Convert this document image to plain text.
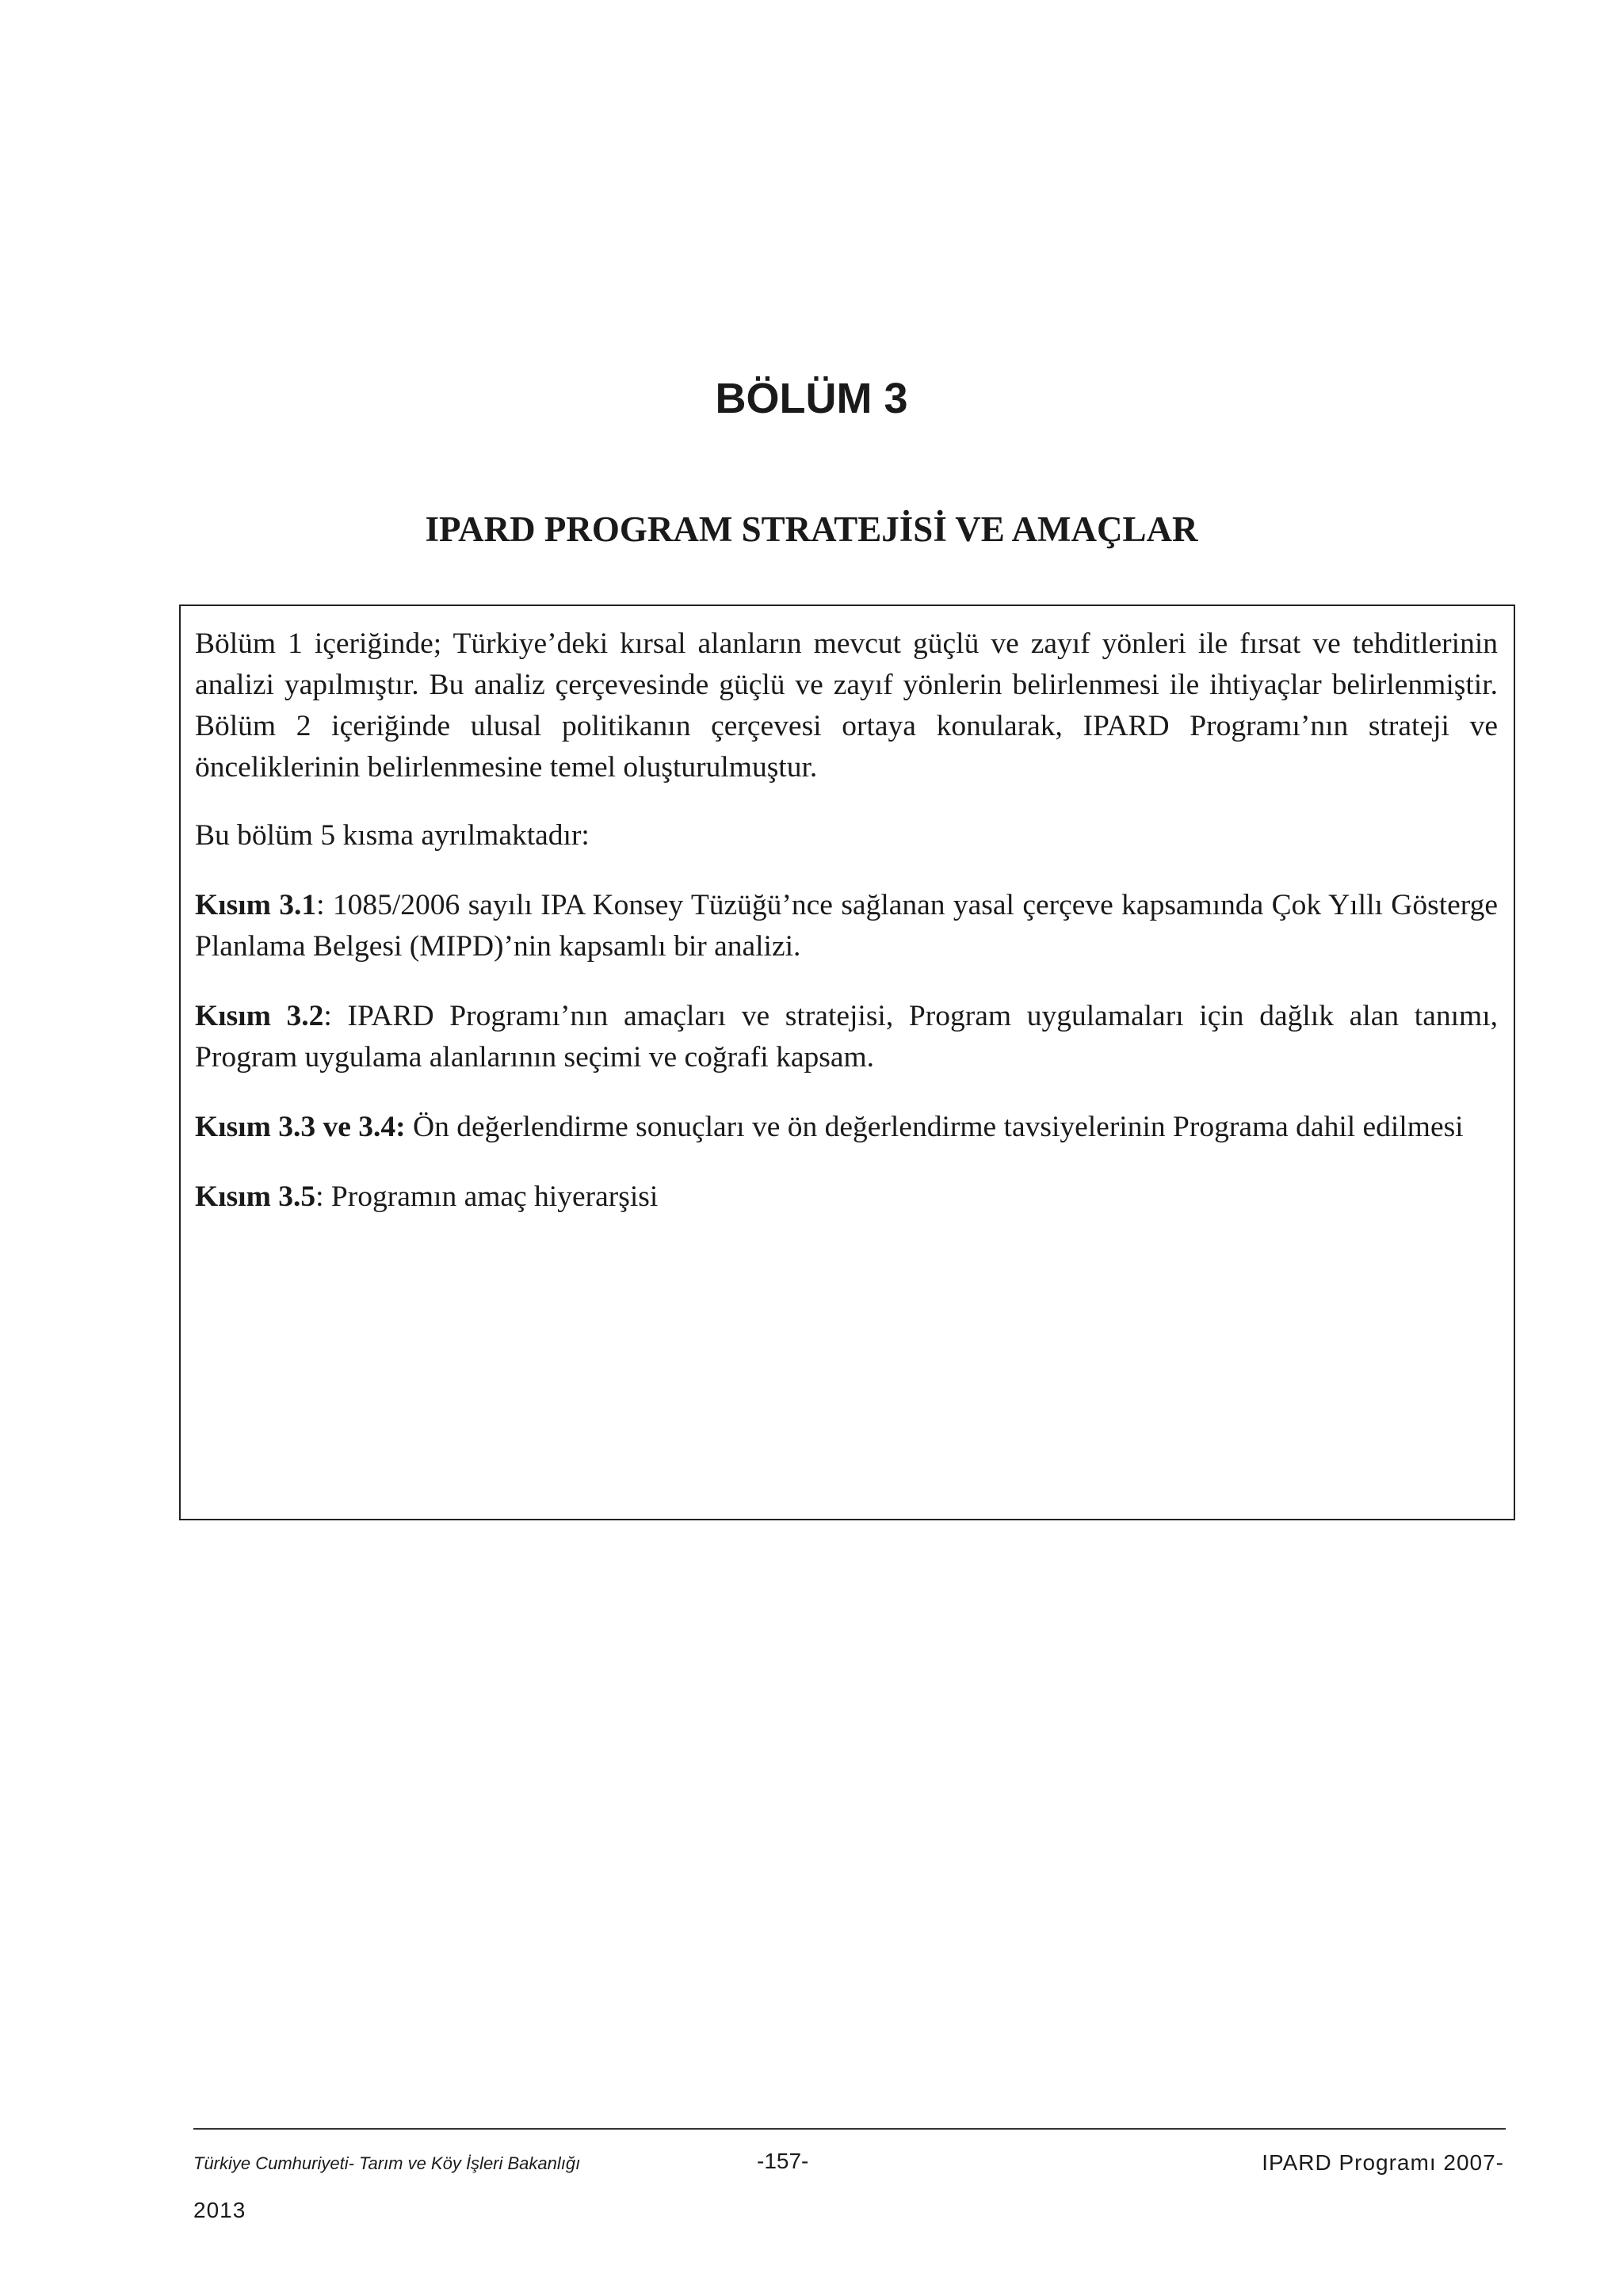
BÖLÜM 3
IPARD PROGRAM STRATEJİSİ VE AMAÇLAR

Bölüm 1 içeriğinde; Türkiye’deki kırsal alanların mevcut güçlü ve zayıf yönleri ile fırsat ve tehditlerinin analizi yapılmıştır. Bu analiz çerçevesinde güçlü ve zayıf yönlerin belirlenmesi ile ihtiyaçlar belirlenmiştir. Bölüm 2 içeriğinde ulusal politikanın çerçevesi ortaya konularak, IPARD Programı’nın strateji ve önceliklerinin belirlenmesine temel oluşturulmuştur.

Bu bölüm 5 kısma ayrılmaktadır:

Kısım 3.1: 1085/2006 sayılı IPA Konsey Tüzüğü’nce sağlanan yasal çerçeve kapsamında Çok Yıllı Gösterge Planlama Belgesi (MIPD)’nin kapsamlı bir analizi.

Kısım 3.2: IPARD Programı’nın amaçları ve stratejisi, Program uygulamaları için dağlık alan tanımı, Program uygulama alanlarının seçimi ve coğrafi kapsam.

Kısım 3.3 ve 3.4: Ön değerlendirme sonuçları ve ön değerlendirme tavsiyelerinin Programa dahil edilmesi

Kısım 3.5: Programın amaç hiyerarşisi

Türkiye Cumhuriyeti- Tarım ve Köy İşleri Bakanlığı	-157-	IPARD Programı 2007-
2013
